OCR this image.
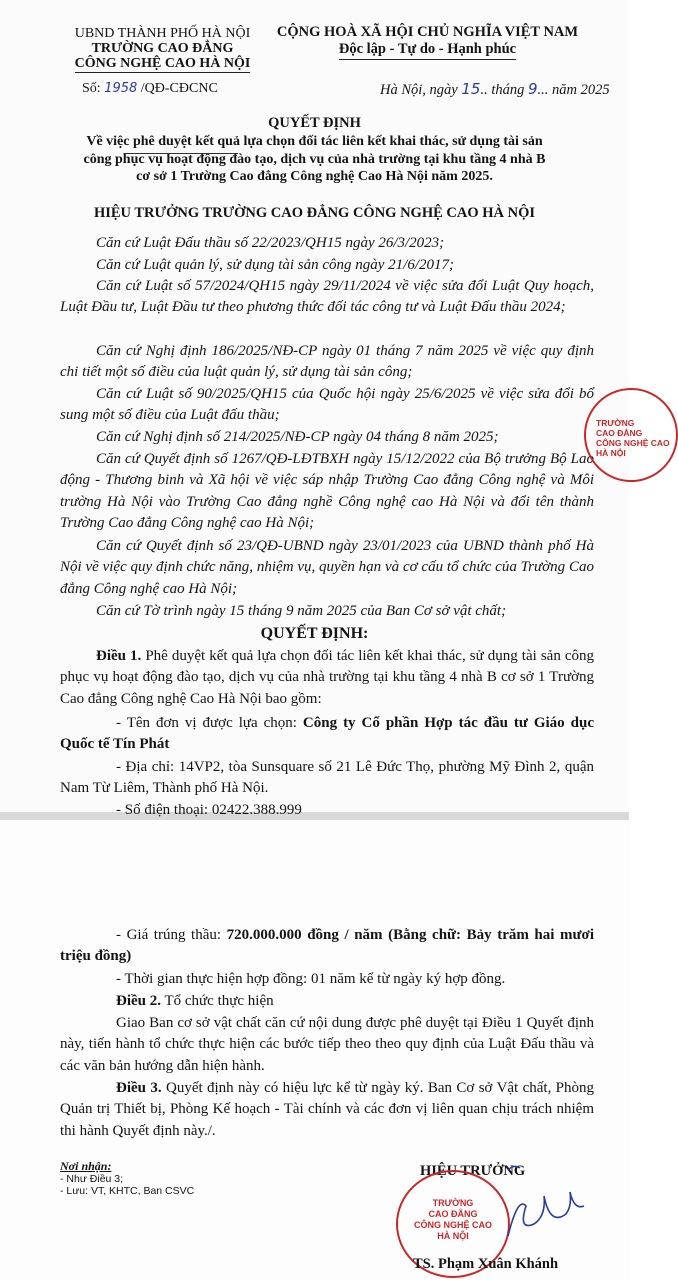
UBND THÀNH PHỐ HÀ NỘI
TRƯỜNG CAO ĐẲNG
CÔNG NGHỆ CAO HÀ NỘI
Số: 1958 /QĐ-CĐCNC
CỘNG HOÀ XÃ HỘI CHỦ NGHĨA VIỆT NAM
Độc lập - Tự do - Hạnh phúc
Hà Nội, ngày 15.. tháng 9... năm 2025
QUYẾT ĐỊNH
Về việc phê duyệt kết quả lựa chọn đối tác liên kết khai thác, sử dụng tài sản
công phục vụ hoạt động đào tạo, dịch vụ của nhà trường tại khu tầng 4 nhà B
cơ sở 1 Trường Cao đẳng Công nghệ Cao Hà Nội năm 2025.
HIỆU TRƯỞNG TRƯỜNG CAO ĐẲNG CÔNG NGHỆ CAO HÀ NỘI
Căn cứ Luật Đấu thầu số 22/2023/QH15 ngày 26/3/2023;
Căn cứ Luật quản lý, sử dụng tài sản công ngày 21/6/2017;
Căn cứ Luật số 57/2024/QH15 ngày 29/11/2024 về việc sửa đổi Luật Quy hoạch, Luật Đầu tư, Luật Đầu tư theo phương thức đối tác công tư và Luật Đấu thầu 2024;
Căn cứ Nghị định 186/2025/NĐ-CP ngày 01 tháng 7 năm 2025 về việc quy định chi tiết một số điều của luật quản lý, sử dụng tài sản công;
Căn cứ Luật số 90/2025/QH15 của Quốc hội ngày 25/6/2025 về việc sửa đổi bổ sung một số điều của Luật đấu thầu;
Căn cứ Nghị định số 214/2025/NĐ-CP ngày 04 tháng 8 năm 2025;
Căn cứ Quyết định số 1267/QĐ-LĐTBXH ngày 15/12/2022 của Bộ trưởng Bộ Lao động - Thương binh và Xã hội về việc sáp nhập Trường Cao đẳng Công nghệ và Môi trường Hà Nội vào Trường Cao đẳng nghề Công nghệ cao Hà Nội và đổi tên thành Trường Cao đẳng Công nghệ cao Hà Nội;
Căn cứ Quyết định số 23/QĐ-UBND ngày 23/01/2023 của UBND thành phố Hà Nội về việc quy định chức năng, nhiệm vụ, quyền hạn và cơ cấu tổ chức của Trường Cao đẳng Công nghệ cao Hà Nội;
Căn cứ Tờ trình ngày 15 tháng 9 năm 2025 của Ban Cơ sở vật chất;
QUYẾT ĐỊNH:
Điều 1. Phê duyệt kết quả lựa chọn đối tác liên kết khai thác, sử dụng tài sản công phục vụ hoạt động đào tạo, dịch vụ của nhà trường tại khu tầng 4 nhà B cơ sở 1 Trường Cao đẳng Công nghệ Cao Hà Nội bao gồm:
- Tên đơn vị được lựa chọn: Công ty Cổ phần Hợp tác đầu tư Giáo dục Quốc tế Tín Phát
- Địa chỉ: 14VP2, tòa Sunsquare số 21 Lê Đức Thọ, phường Mỹ Đình 2, quận Nam Từ Liêm, Thành phố Hà Nội.
- Số điện thoại: 02422.388.999
TRƯỜNG
CAO ĐẲNG
CÔNG NGHỆ CAO
HÀ NỘI
- Giá trúng thầu: 720.000.000 đồng / năm (Bằng chữ: Bảy trăm hai mươi triệu đồng)
- Thời gian thực hiện hợp đồng: 01 năm kể từ ngày ký hợp đồng.
Điều 2. Tổ chức thực hiện
Giao Ban cơ sở vật chất căn cứ nội dung được phê duyệt tại Điều 1 Quyết định này, tiến hành tổ chức thực hiện các bước tiếp theo theo quy định của Luật Đấu thầu và các văn bản hướng dẫn hiện hành.
Điều 3. Quyết định này có hiệu lực kể từ ngày ký. Ban Cơ sở Vật chất, Phòng Quản trị Thiết bị, Phòng Kế hoạch - Tài chính và các đơn vị liên quan chịu trách nhiệm thi hành Quyết định này./.
Nơi nhận:
- Như Điều 3;
- Lưu: VT, KHTC, Ban CSVC
HIỆU TRƯỞNG
TRƯỜNG
CAO ĐẲNG
CÔNG NGHỆ CAO
HÀ NỘI
TS. Phạm Xuân Khánh
